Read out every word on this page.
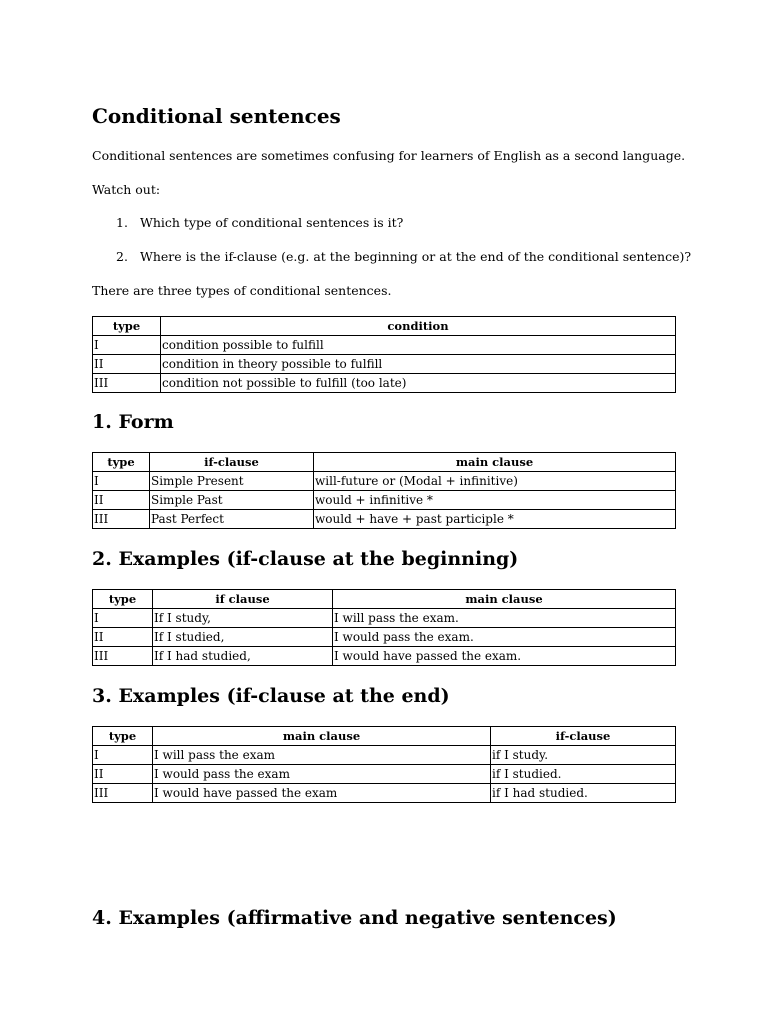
Conditional sentences

Conditional sentences are sometimes confusing for learners of English as a second language.

Watch out:

1. Which type of conditional sentences is it?

2. Where is the if-clause (e.g. at the beginning or at the end of the conditional sentence)?

There are three types of conditional sentences.

type	condition
I	condition possible to fulfill
II	condition in theory possible to fulfill
III	condition not possible to fulfill (too late)
1. Form
type	if-clause	main clause
I	Simple Present	will-future or (Modal + infinitive)
II	Simple Past	would + infinitive *
III	Past Perfect	would + have + past participle *
2. Examples (if-clause at the beginning)
type	if clause	main clause
I	If I study,	I will pass the exam.
II	If I studied,	I would pass the exam.
III	If I had studied,	I would have passed the exam.
3. Examples (if-clause at the end)
type	main clause	if-clause
I	I will pass the exam	if I study.
II	I would pass the exam	if I studied.
III	I would have passed the exam	if I had studied.
4. Examples (affirmative and negative sentences)
